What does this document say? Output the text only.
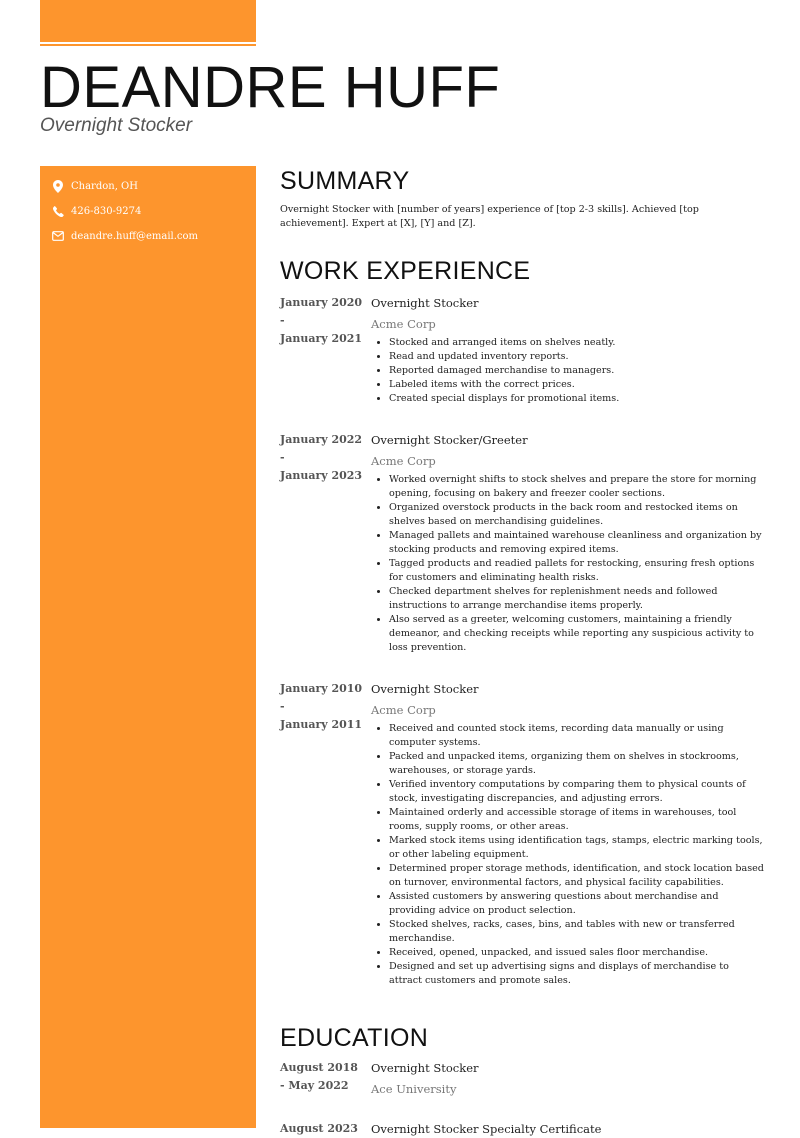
DEANDRE HUFF

Overnight Stocker

Chardon, OH
426-830-9274
deandre.huff@email.com
SUMMARY

Overnight Stocker with [number of years] experience of [top 2-3 skills]. Achieved [top achievement]. Expert at [X], [Y] and [Z].

WORK EXPERIENCE
January 2020
-
January 2021

Overnight Stocker

Acme Corp

• Stocked and arranged items on shelves neatly.
• Read and updated inventory reports.
• Reported damaged merchandise to managers.
• Labeled items with the correct prices.
• Created special displays for promotional items.
January 2022
-
January 2023

Overnight Stocker/Greeter

Acme Corp

• Worked overnight shifts to stock shelves and prepare the store for morning opening, focusing on bakery and freezer cooler sections.
• Organized overstock products in the back room and restocked items on shelves based on merchandising guidelines.
• Managed pallets and maintained warehouse cleanliness and organization by stocking products and removing expired items.
• Tagged products and readied pallets for restocking, ensuring fresh options for customers and eliminating health risks.
• Checked department shelves for replenishment needs and followed instructions to arrange merchandise items properly.
• Also served as a greeter, welcoming customers, maintaining a friendly demeanor, and checking receipts while reporting any suspicious activity to loss prevention.
January 2010
-
January 2011

Overnight Stocker

Acme Corp

• Received and counted stock items, recording data manually or using computer systems.
• Packed and unpacked items, organizing them on shelves in stockrooms, warehouses, or storage yards.
• Verified inventory computations by comparing them to physical counts of stock, investigating discrepancies, and adjusting errors.
• Maintained orderly and accessible storage of items in warehouses, tool rooms, supply rooms, or other areas.
• Marked stock items using identification tags, stamps, electric marking tools, or other labeling equipment.
• Determined proper storage methods, identification, and stock location based on turnover, environmental factors, and physical facility capabilities.
• Assisted customers by answering questions about merchandise and providing advice on product selection.
• Stocked shelves, racks, cases, bins, and tables with new or transferred merchandise.
• Received, opened, unpacked, and issued sales floor merchandise.
• Designed and set up advertising signs and displays of merchandise to attract customers and promote sales.
EDUCATION
August 2018 - May 2022

Overnight Stocker

Ace University

August 2023	Overnight Stocker Specialty Certificate
